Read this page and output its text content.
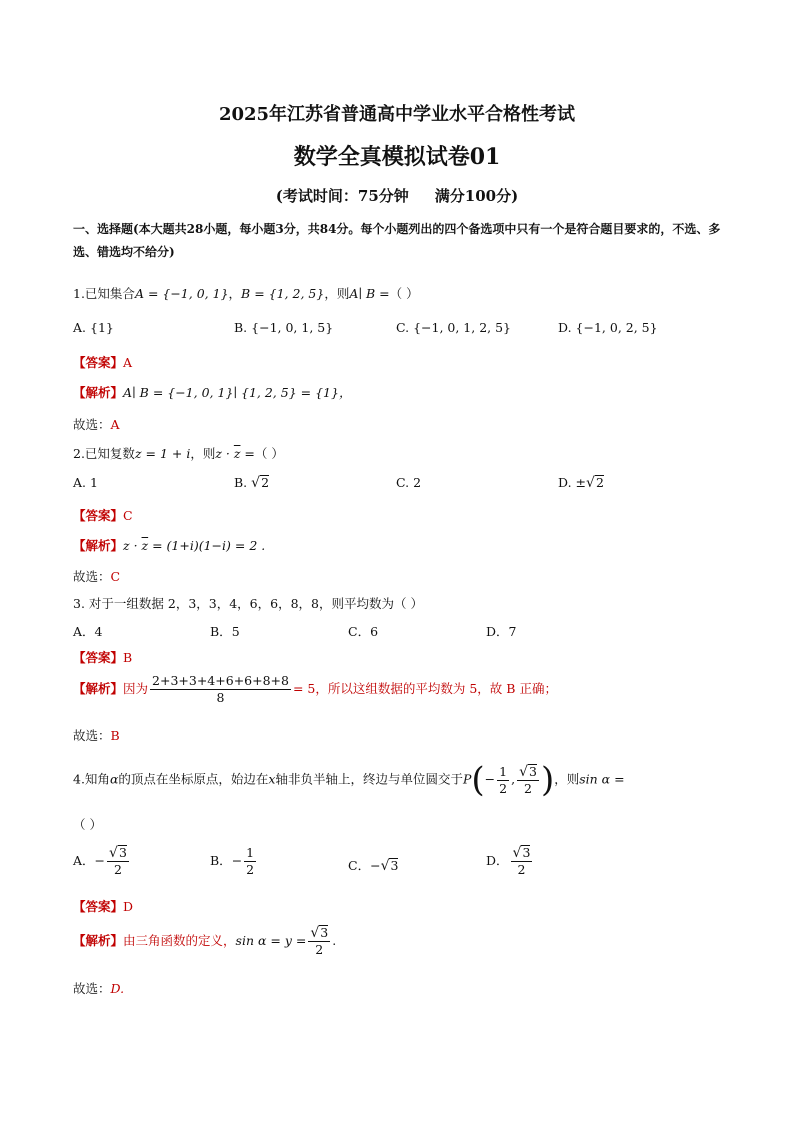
2025年江苏省普通高中学业水平合格性考试
数学全真模拟试卷01
(考试时间：75分钟 满分100分)
一、选择题(本大题共28小题，每小题3分，共84分。每个小题列出的四个备选项中只有一个是符合题目要求的，不选、多选、错选均不给分)
1.已知集合A = {−1, 0, 1}，B = {1, 2, 5}，则A∣ B =（ ）
A. {1}	B. {−1, 0, 1, 5}	C. {−1, 0, 1, 2, 5}	D. {−1, 0, 2, 5}
【答案】A
【解析】A∣ B = {−1, 0, 1}∣ {1, 2, 5} = {1}，
故选：A
2.已知复数z = 1 + i，则$z \cdot \overline{z}$ =（ ）
A. 1	B. √2	C. 2	D. ±√2
【答案】C
【解析】$z \cdot \overline{z} = (1+i)(1-i) = 2$ .
故选：C
3. 对于一组数据 2，3，3，4，6，6，8，8，则平均数为（ ）
A．4	B．5	C．6	D．7
【答案】B
【解析】因为 $\frac{2+3+3+4+6+6+8+8}{8} = 5$，所以这组数据的平均数为 5，故 B 正确；
故选：B
4.知角α的顶点在坐标原点，始边在x轴非负半轴上，终边与单位圆交于$P(- \frac{1}{2}$ , $\frac{√3}{2}$ )，则sin α =
（ ）
A．− $\frac{√3}{2}$	B．− $\frac{1}{2}$	C．−√3	D． $\frac{√3}{2}$
【答案】D
【解析】由三角函数的定义，$\sin \alpha = y = \frac{√3}{2}$ .
故选：D.
